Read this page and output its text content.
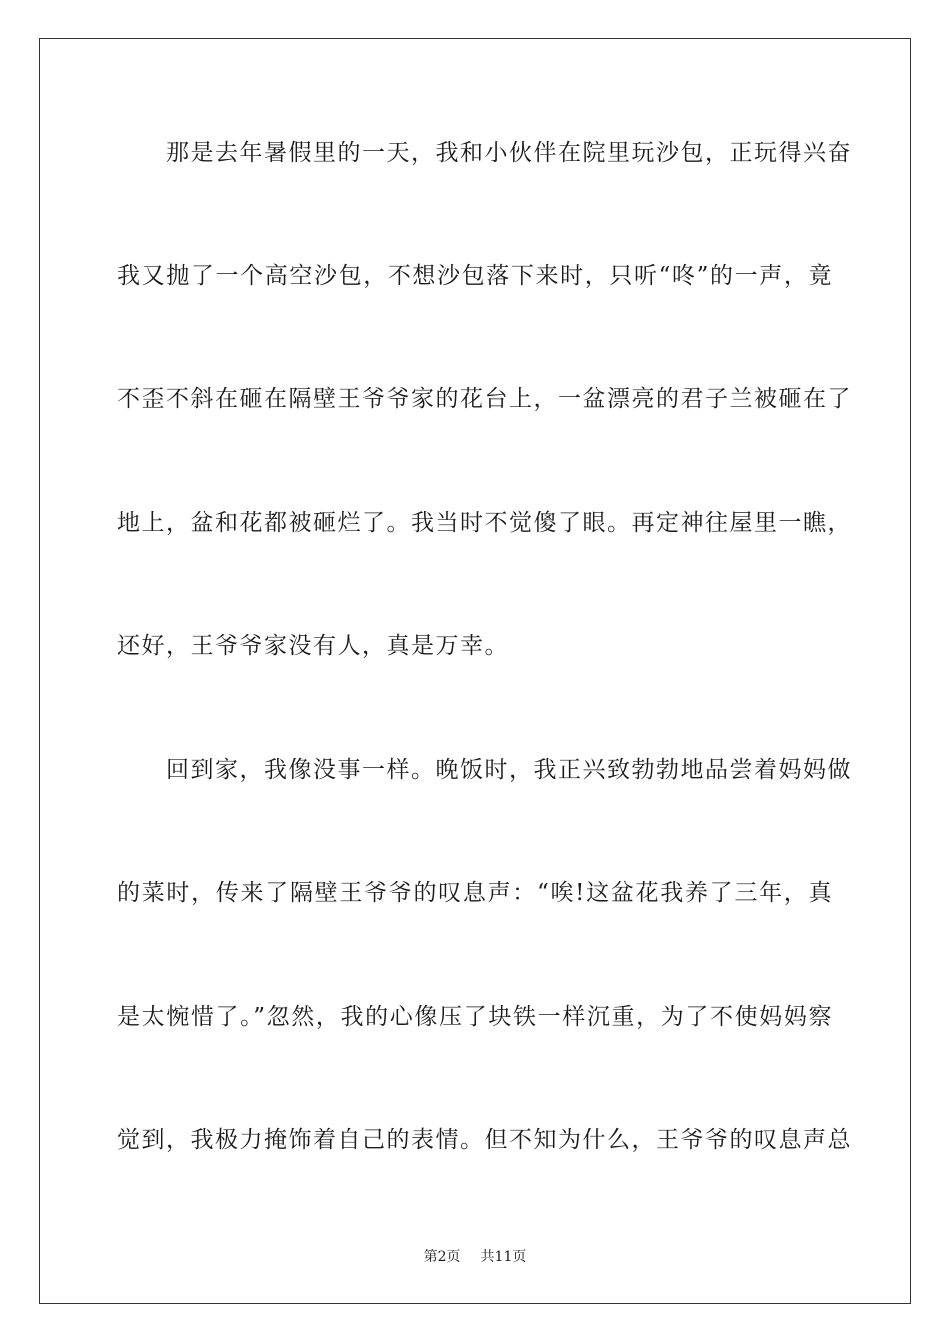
　　那是去年暑假里的一天，我和小伙伴在院里玩沙包，正玩得兴奋
我又抛了一个高空沙包，不想沙包落下来时，只听“咚”的一声，竟
不歪不斜在砸在隔壁王爷爷家的花台上，一盆漂亮的君子兰被砸在了
地上，盆和花都被砸烂了。我当时不觉傻了眼。再定神往屋里一瞧，
还好，王爷爷家没有人，真是万幸。
　　回到家，我像没事一样。晚饭时，我正兴致勃勃地品尝着妈妈做
的菜时，传来了隔壁王爷爷的叹息声：“唉!这盆花我养了三年，真
是太惋惜了。”忽然，我的心像压了块铁一样沉重，为了不使妈妈察
觉到，我极力掩饰着自己的表情。但不知为什么，王爷爷的叹息声总
第2页 共11页
